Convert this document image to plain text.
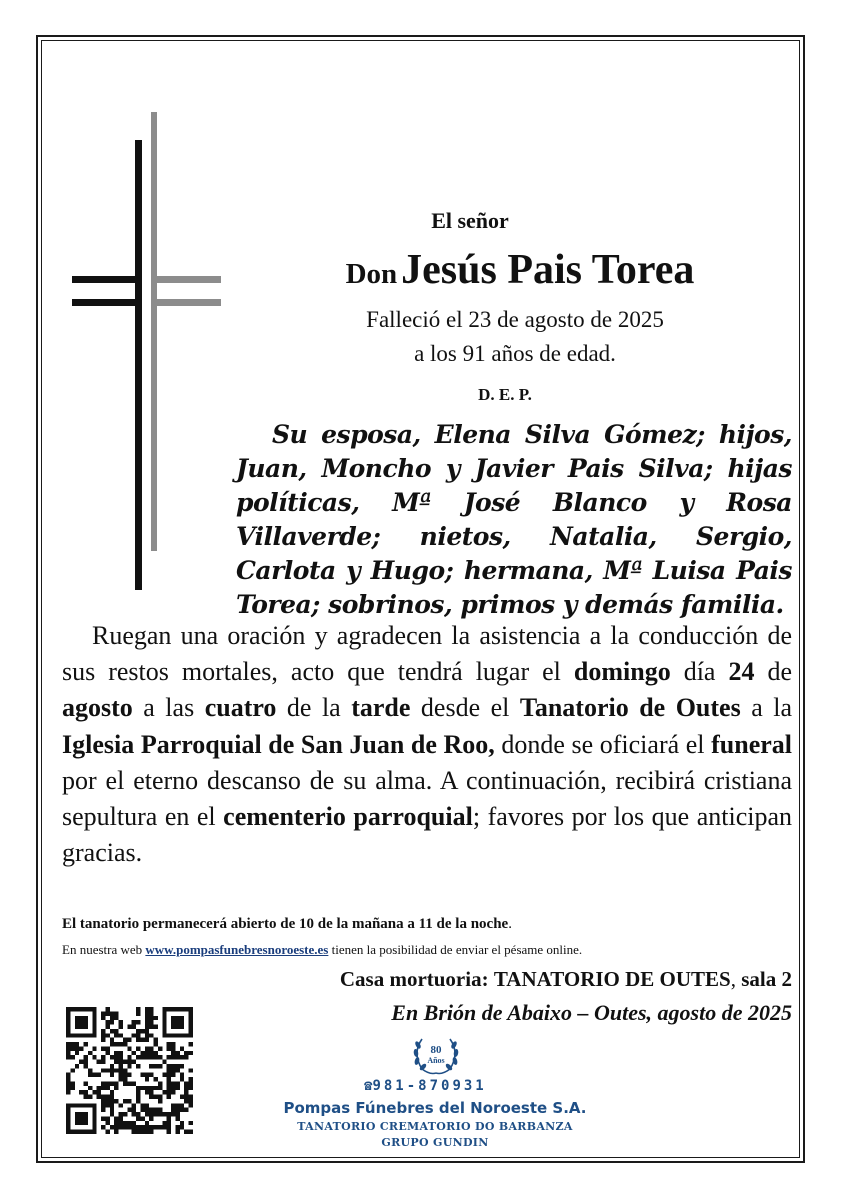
El señor
Don Jesús Pais Torea
Falleció el 23 de agosto de 2025
a los 91 años de edad.
D. E. P.

Su esposa, Elena Silva Gómez; hijos, Juan, Moncho y Javier Pais Silva; hijas políticas, Mª José Blanco y Rosa Villaverde; nietos, Natalia, Sergio, Carlota y Hugo; hermana, Mª Luisa Pais Torea; sobrinos, primos y demás familia.

Ruegan una oración y agradecen la asistencia a la conducción de sus restos mortales, acto que tendrá lugar el domingo día 24 de agosto a las cuatro de la tarde desde el Tanatorio de Outes a la Iglesia Parroquial de San Juan de Roo, donde se oficiará el funeral por el eterno descanso de su alma. A continuación, recibirá cristiana sepultura en el cementerio parroquial; favores por los que anticipan gracias.

El tanatorio permanecerá abierto de 10 de la mañana a 11 de la noche.
En nuestra web www.pompasfunebresnoroeste.es tienen la posibilidad de enviar el pésame online.
Casa mortuoria: TANATORIO DE OUTES, sala 2
En Brión de Abaixo – Outes, agosto de 2025
80
Años
☎981-870931
Pompas Fúnebres del Noroeste S.A.
TANATORIO CREMATORIO DO BARBANZA
GRUPO GUNDIN
